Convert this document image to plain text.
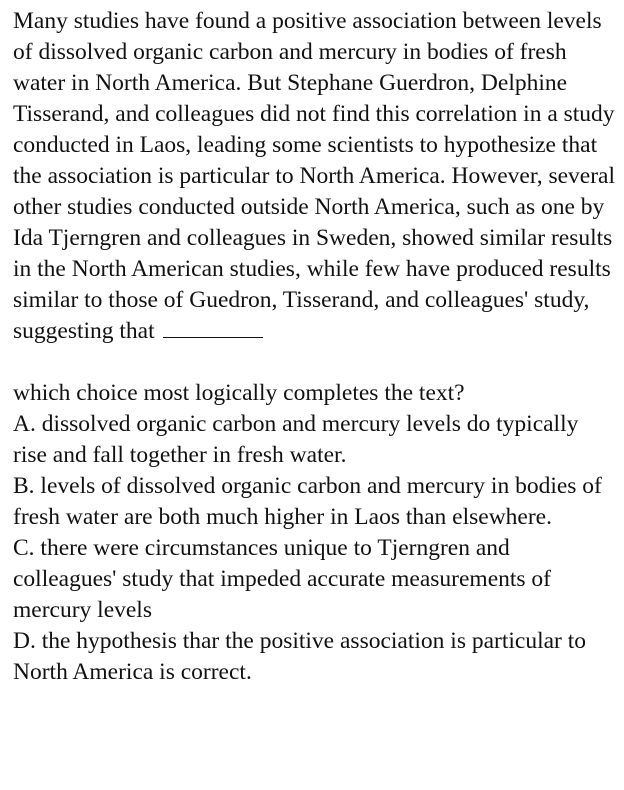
Many studies have found a positive association between levels of dissolved organic carbon and mercury in bodies of fresh water in North America. But Stephane Guerdron, Delphine Tisserand, and colleagues did not find this correlation in a study conducted in Laos, leading some scientists to hypothesize that the association is particular to North America. However, several other studies conducted outside North America, such as one by Ida Tjerngren and colleagues in Sweden, showed similar results in the North American studies, while few have produced results similar to those of Guedron, Tisserand, and colleagues' study, suggesting that

which choice most logically completes the text?

A. dissolved organic carbon and mercury levels do typically rise and fall together in fresh water.

B. levels of dissolved organic carbon and mercury in bodies of fresh water are both much higher in Laos than elsewhere.

C. there were circumstances unique to Tjerngren and colleagues' study that impeded accurate measurements of mercury levels

D. the hypothesis thar the positive association is particular to North America is correct.
